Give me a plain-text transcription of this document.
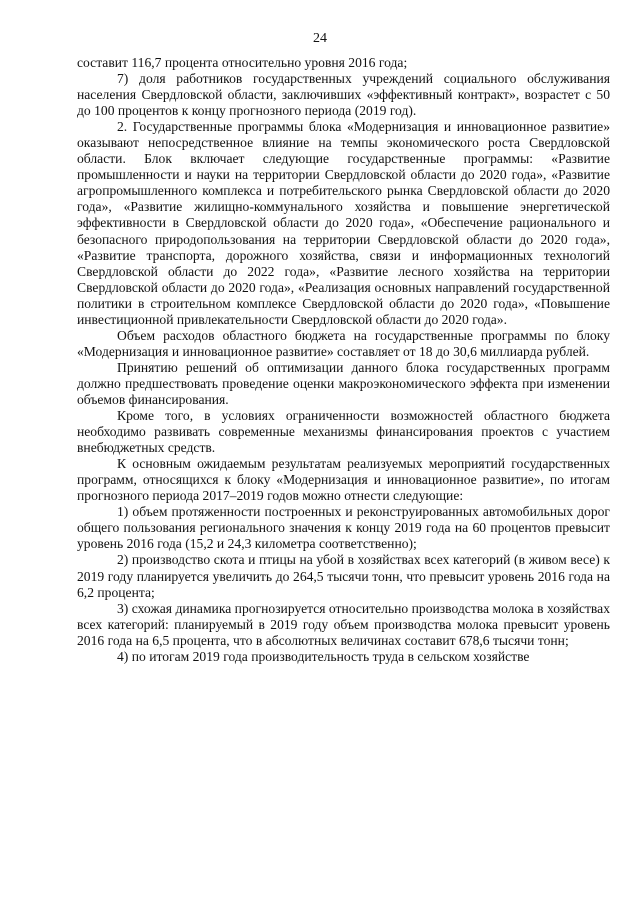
24

составит 116,7 процента относительно уровня 2016 года;

7) доля работников государственных учреждений социального обслуживания населения Свердловской области, заключивших «эффективный контракт», возрастет с 50 до 100 процентов к концу прогнозного периода (2019 год).

2. Государственные программы блока «Модернизация и инновационное развитие» оказывают непосредственное влияние на темпы экономического роста Свердловской области. Блок включает следующие государственные программы: «Развитие промышленности и науки на территории Свердловской области до 2020 года», «Развитие агропромышленного комплекса и потребительского рынка Свердловской области до 2020 года», «Развитие жилищно-коммунального хозяйства и повышение энергетической эффективности в Свердловской области до 2020 года», «Обеспечение рационального и безопасного природопользования на территории Свердловской области до 2020 года», «Развитие транспорта, дорожного хозяйства, связи и информационных технологий Свердловской области до 2022 года», «Развитие лесного хозяйства на территории Свердловской области до 2020 года», «Реализация основных направлений государственной политики в строительном комплексе Свердловской области до 2020 года», «Повышение инвестиционной привлекательности Свердловской области до 2020 года».

Объем расходов областного бюджета на государственные программы по блоку «Модернизация и инновационное развитие» составляет от 18 до 30,6 миллиарда рублей.

Принятию решений об оптимизации данного блока государственных программ должно предшествовать проведение оценки макроэкономического эффекта при изменении объемов финансирования.

Кроме того, в условиях ограниченности возможностей областного бюджета необходимо развивать современные механизмы финансирования проектов с участием внебюджетных средств.

К основным ожидаемым результатам реализуемых мероприятий государственных программ, относящихся к блоку «Модернизация и инновационное развитие», по итогам прогнозного периода 2017–2019 годов можно отнести следующие:

1) объем протяженности построенных и реконструированных автомобильных дорог общего пользования регионального значения к концу 2019 года на 60 процентов превысит уровень 2016 года (15,2 и 24,3 километра соответственно);

2) производство скота и птицы на убой в хозяйствах всех категорий (в живом весе) к 2019 году планируется увеличить до 264,5 тысячи тонн, что превысит уровень 2016 года на 6,2 процента;

3) схожая динамика прогнозируется относительно производства молока в хозяйствах всех категорий: планируемый в 2019 году объем производства молока превысит уровень 2016 года на 6,5 процента, что в абсолютных величинах составит 678,6 тысячи тонн;

4) по итогам 2019 года производительность труда в сельском хозяйстве
